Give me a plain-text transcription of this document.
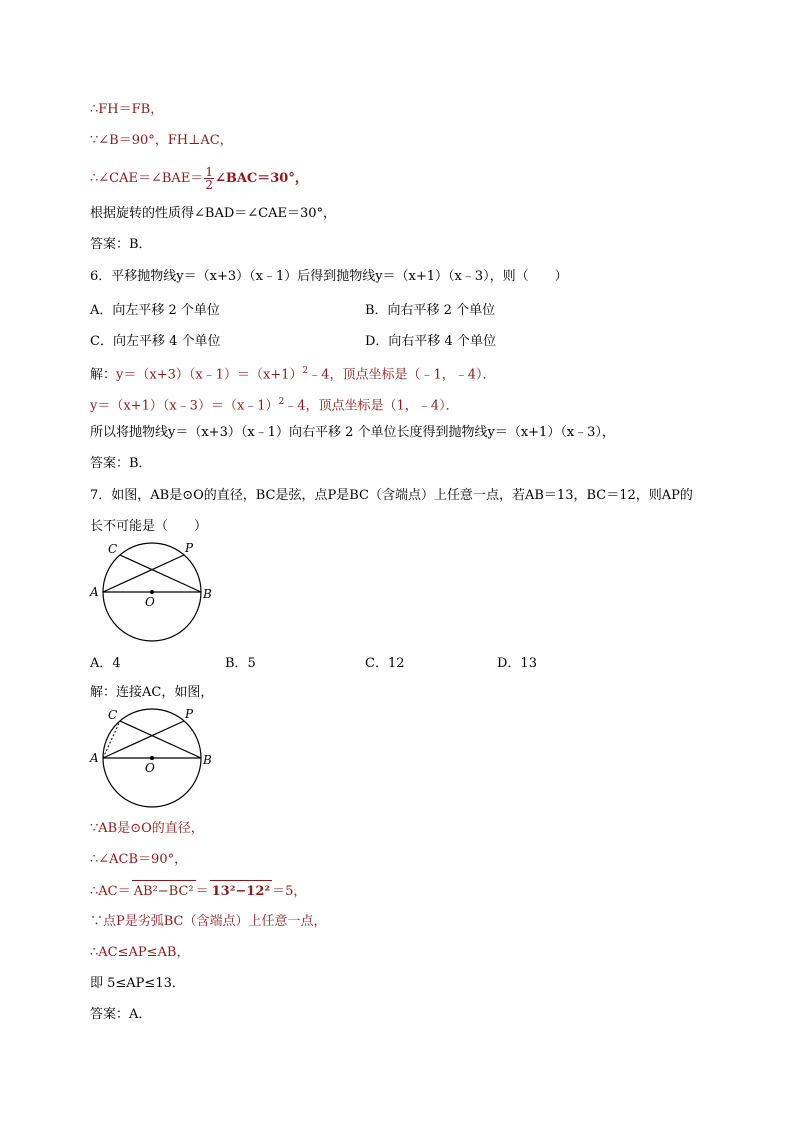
∴FH＝FB，
∵∠B＝90°，FH⊥AC，
∴∠CAE＝∠BAE＝ $\frac{1}{2}$ ∠BAC＝30°，
根据旋转的性质得∠BAD＝∠CAE＝30°，
答案：B．
6．平移抛物线y＝（x+3）（x﹣1）后得到抛物线y＝（x+1）（x﹣3），则（　　）
A．向左平移 2 个单位	B．向右平移 2 个单位
C．向左平移 4 个单位	D．向右平移 4 个单位
解：$y=(x+3)(x﹣1)=(x+1)^2﹣4$，顶点坐标是（﹣1，﹣4）．
y＝（x+1）（x﹣3）＝（x﹣1）$^2$﹣4，顶点坐标是（1，﹣4）．
所以将抛物线y＝（x+3）（x﹣1）向右平移 2 个单位长度得到抛物线y＝（x+1）（x﹣3），
答案：B．
7．如图，AB是⊙O的直径，BC是弦，点P是BC（含端点）上任意一点，若AB＝13，BC＝12，则AP的
长不可能是（　　）
C	P
A	B
O
A．4	B．5	C．12	D．13
解：连接AC，如图，
C	P
A	B
O
∵AB是⊙O的直径，
∴∠ACB＝90°，
∴AC＝ AB²−BC² ＝ 13²−12² ＝5，
∵点P是劣弧BC（含端点）上任意一点，
∴AC≤AP≤AB，
即 5≤AP≤13．
答案：A．
